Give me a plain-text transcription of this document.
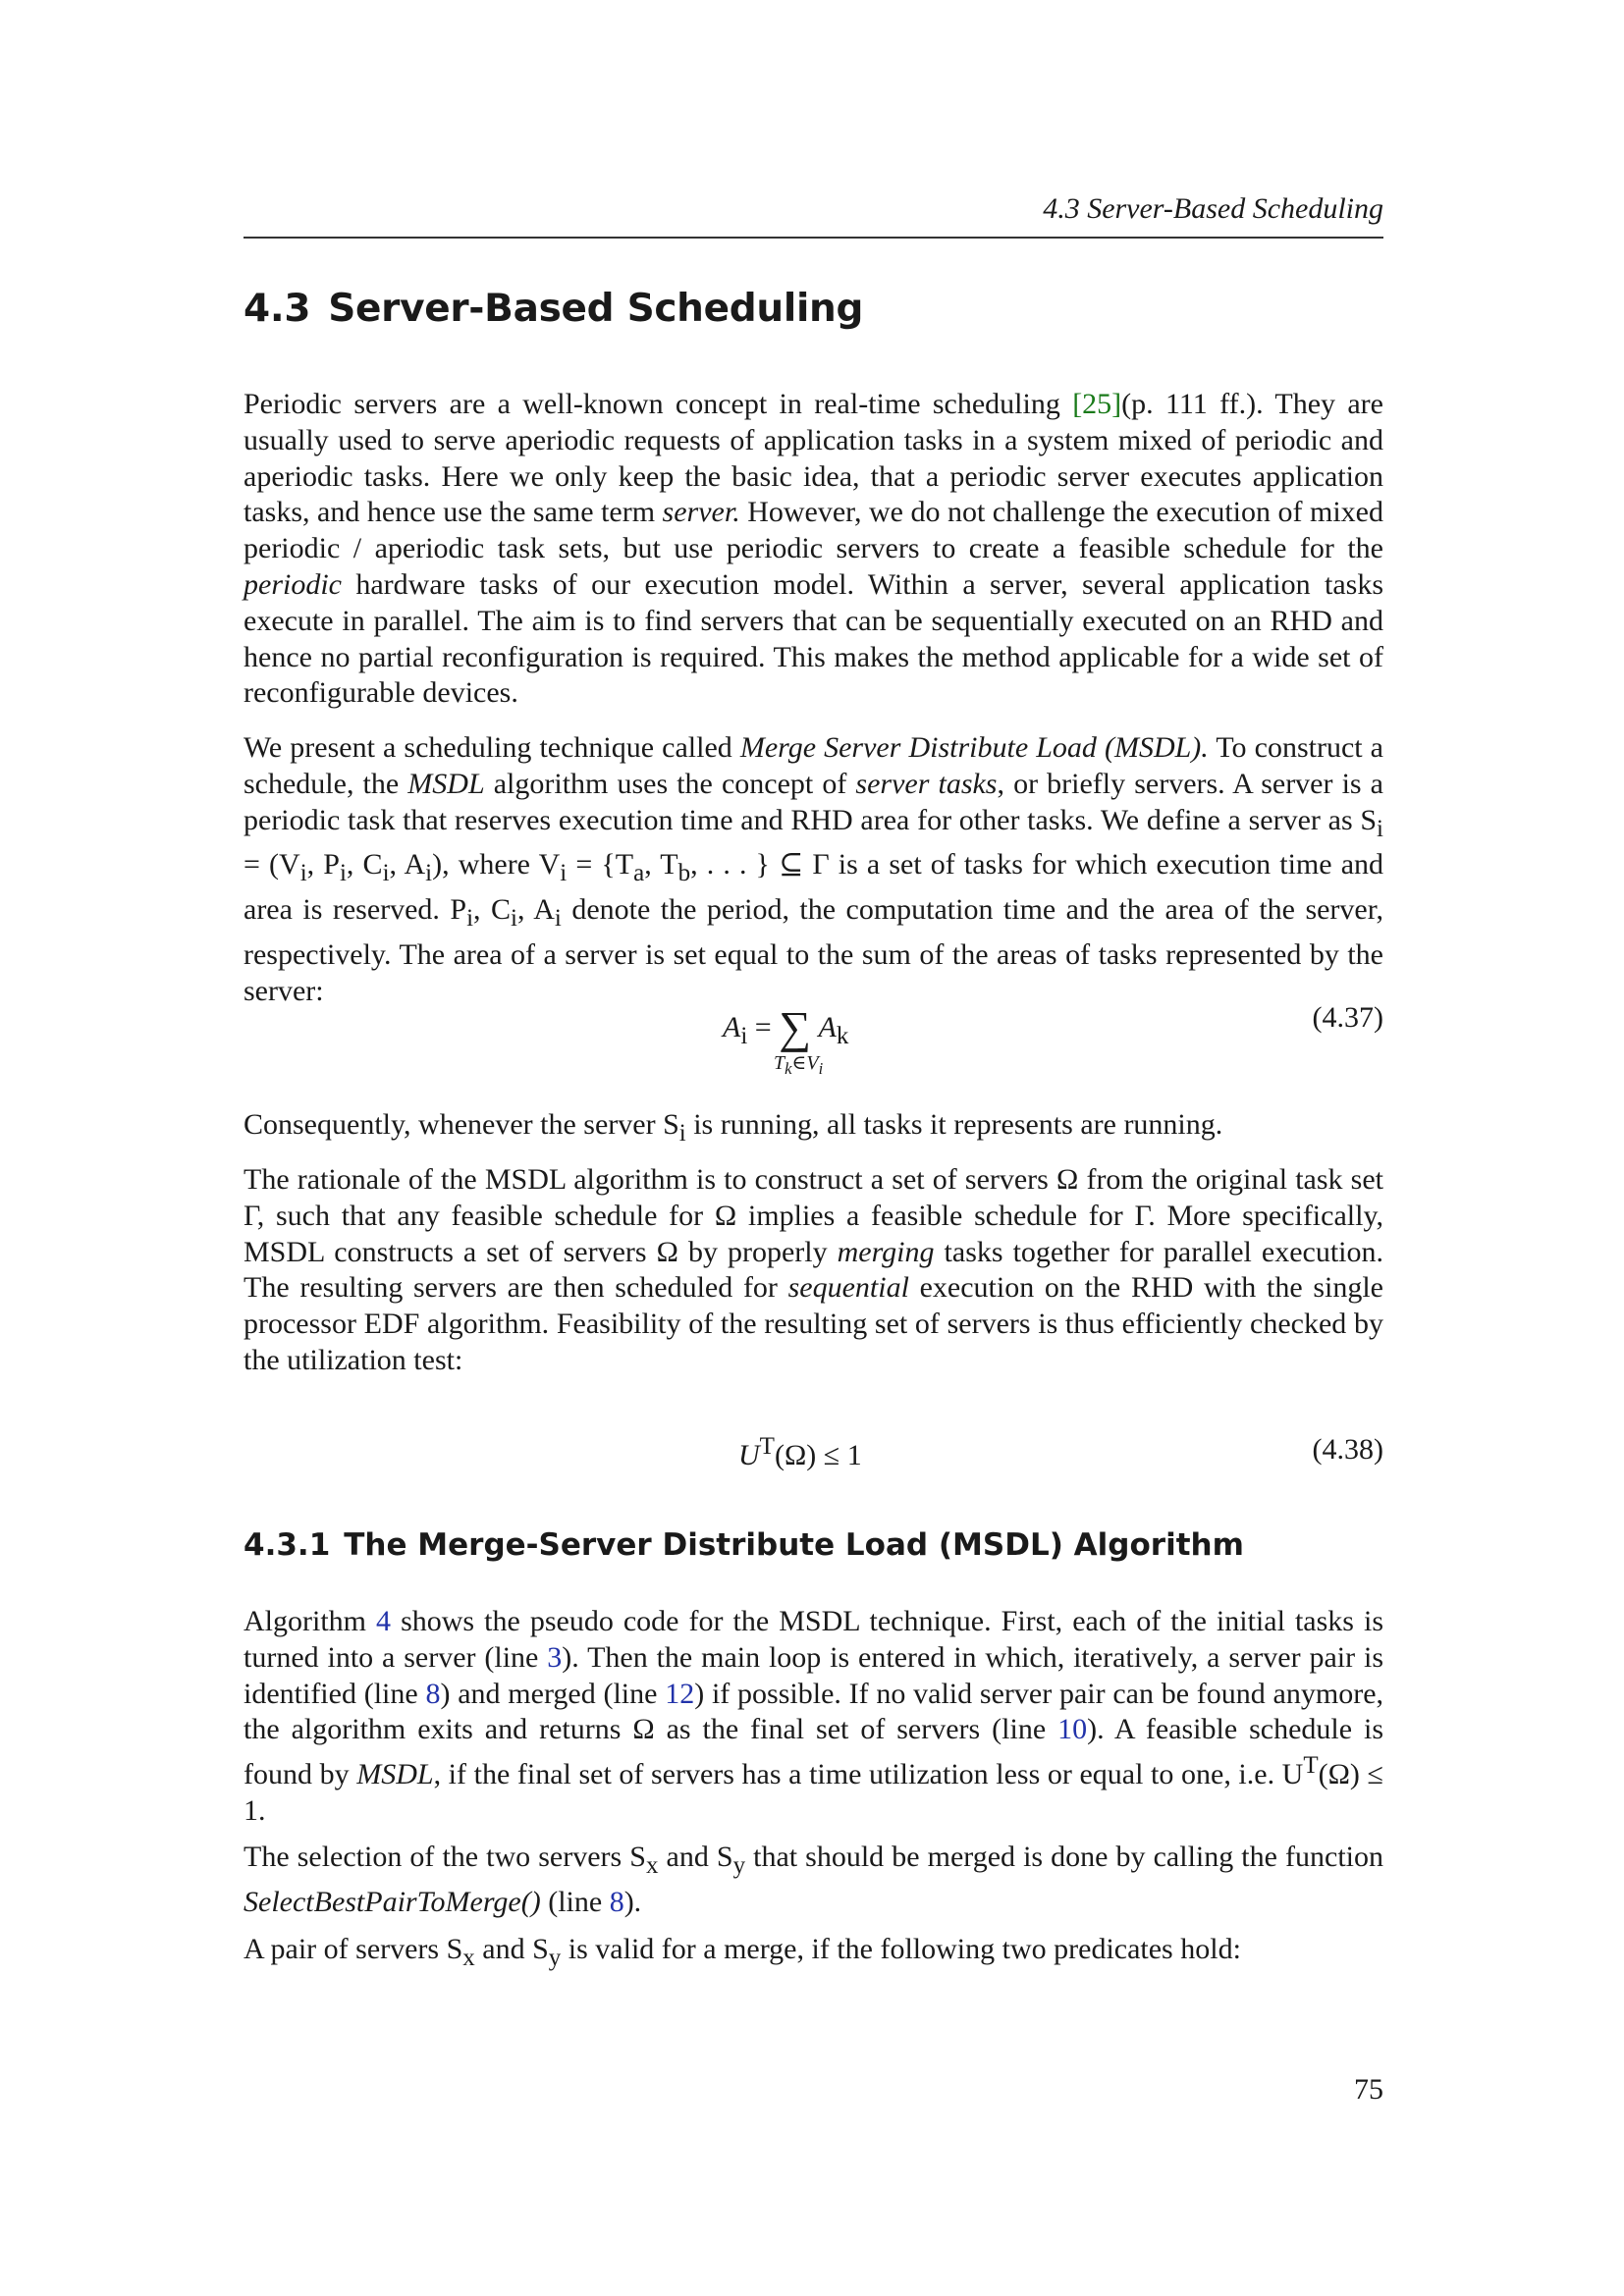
4.3 Server-Based Scheduling
4.3 Server-Based Scheduling

Periodic servers are a well-known concept in real-time scheduling [25](p. 111 ff.). They are usually used to serve aperiodic requests of application tasks in a system mixed of periodic and aperiodic tasks. Here we only keep the basic idea, that a periodic server executes application tasks, and hence use the same term server. However, we do not challenge the execution of mixed periodic / aperiodic task sets, but use periodic servers to create a feasible schedule for the periodic hardware tasks of our execution model. Within a server, several application tasks execute in parallel. The aim is to find servers that can be sequentially executed on an RHD and hence no partial reconfiguration is required. This makes the method applicable for a wide set of reconfigurable devices.

We present a scheduling technique called Merge Server Distribute Load (MSDL). To construct a schedule, the MSDL algorithm uses the concept of server tasks, or briefly servers. A server is a periodic task that reserves execution time and RHD area for other tasks. We define a server as $S_i = (V_i$, $P_i$, $C_i$, $A_i$), where $V_i = \{T_a$, $T_b$, . . . } ⊆ Γ is a set of tasks for which execution time and area is reserved. $P_i$, $C_i$, $A_i$ denote the period, the computation time and the area of the server, respectively. The area of a server is set equal to the sum of the areas of tasks represented by the server:

$A_i$ = ∑ $A_k$
$T_k\in V_i$
(4.37)

Consequently, whenever the server $S_i$ is running, all tasks it represents are running.

The rationale of the MSDL algorithm is to construct a set of servers Ω from the original task set Γ, such that any feasible schedule for Ω implies a feasible schedule for Γ. More specifically, MSDL constructs a set of servers Ω by properly merging tasks together for parallel execution. The resulting servers are then scheduled for sequential execution on the RHD with the single processor EDF algorithm. Feasibility of the resulting set of servers is thus efficiently checked by the utilization test:

$U^T(\Omega) \le 1$	(4.38)
4.3.1 The Merge-Server Distribute Load (MSDL) Algorithm

Algorithm 4 shows the pseudo code for the MSDL technique. First, each of the initial tasks is turned into a server (line 3). Then the main loop is entered in which, iteratively, a server pair is identified (line 8) and merged (line 12) if possible. If no valid server pair can be found anymore, the algorithm exits and returns Ω as the final set of servers (line 10). A feasible schedule is found by MSDL, if the final set of servers has a time utilization less or equal to one, i.e. $U^T(\Omega) \le 1$.

The selection of the two servers $S_x$ and $S_y$ that should be merged is done by calling the function SelectBestPairToMerge() (line 8).

A pair of servers $S_x$ and $S_y$ is valid for a merge, if the following two predicates hold:

75
